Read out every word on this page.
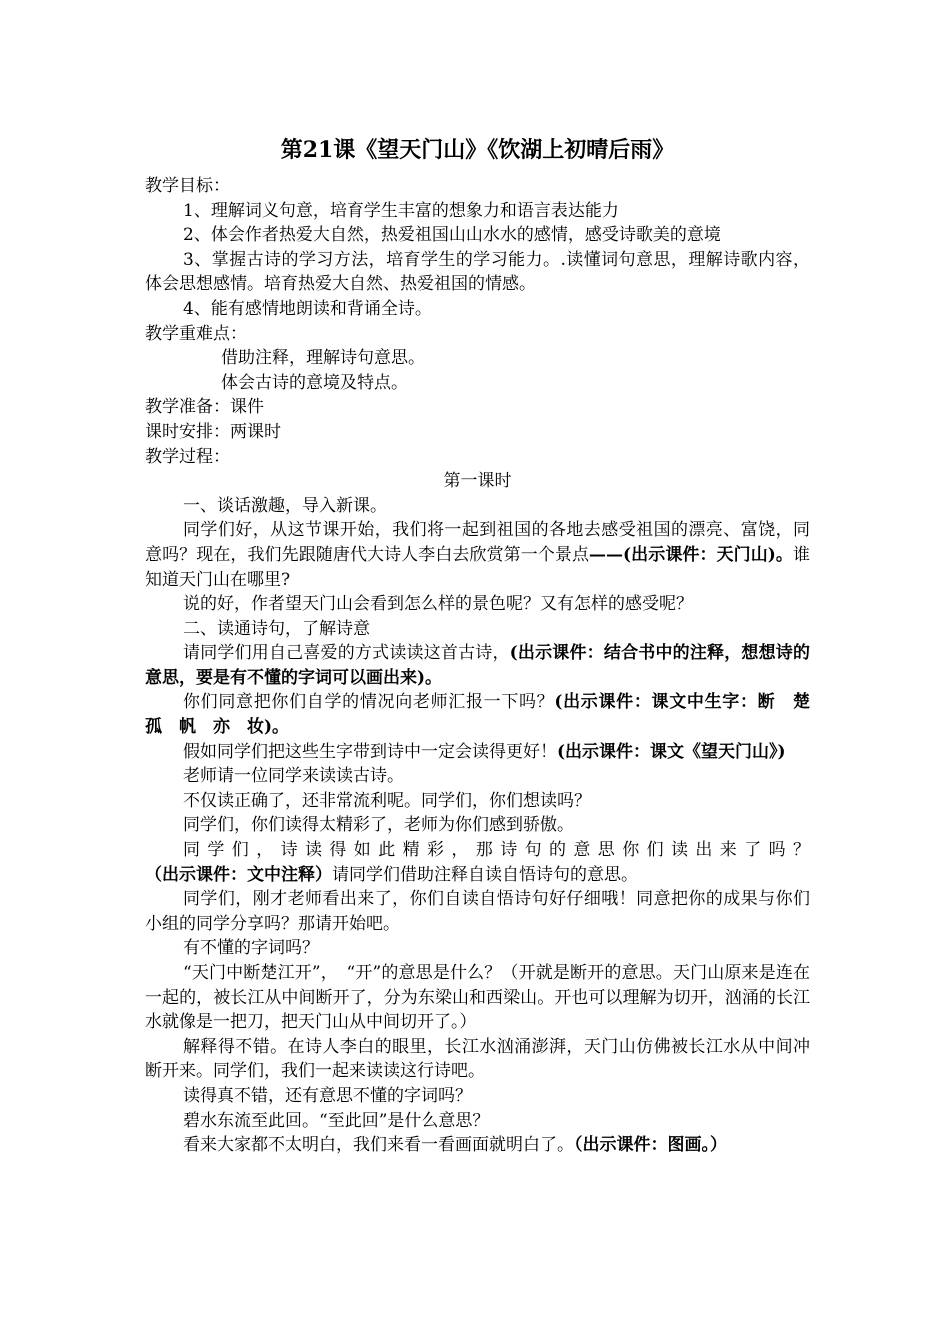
第21课《望天门山》《饮湖上初晴后雨》

教学目标：

1、理解词义句意，培育学生丰富的想象力和语言表达能力

2、体会作者热爱大自然，热爱祖国山山水水的感情，感受诗歌美的意境

3、掌握古诗的学习方法，培育学生的学习能力。.读懂词句意思，理解诗歌内容，体会思想感情。培育热爱大自然、热爱祖国的情感。

4、能有感情地朗读和背诵全诗。

教学重难点：

借助注释，理解诗句意思。

体会古诗的意境及特点。

教学准备：课件

课时安排：两课时

教学过程：

第一课时

一、谈话激趣，导入新课。

同学们好，从这节课开始，我们将一起到祖国的各地去感受祖国的漂亮、富饶，同意吗？现在，我们先跟随唐代大诗人李白去欣赏第一个景点——(出示课件：天门山)。谁知道天门山在哪里?

说的好，作者望天门山会看到怎么样的景色呢？又有怎样的感受呢？

二、读通诗句，了解诗意

请同学们用自己喜爱的方式读读这首古诗，(出示课件：结合书中的注释，想想诗的意思，要是有不懂的字词可以画出来)。

你们同意把你们自学的情况向老师汇报一下吗？(出示课件：课文中生字：断　楚　孤　帆　亦　妆)。

假如同学们把这些生字带到诗中一定会读得更好！(出示课件：课文《望天门山》)

老师请一位同学来读读古诗。

不仅读正确了，还非常流利呢。同学们，你们想读吗？

同学们，你们读得太精彩了，老师为你们感到骄傲。

同学们，诗读得如此精彩，那诗句的意思你们读出来了吗？（出示课件：文中注释）请同学们借助注释自读自悟诗句的意思。

同学们，刚才老师看出来了，你们自读自悟诗句好仔细哦！同意把你的成果与你们小组的同学分享吗？那请开始吧。

有不懂的字词吗？

“天门中断楚江开”，　“开”的意思是什么？（开就是断开的意思。天门山原来是连在一起的，被长江从中间断开了，分为东梁山和西梁山。开也可以理解为切开，汹涌的长江水就像是一把刀，把天门山从中间切开了。）

解释得不错。在诗人李白的眼里，长江水汹涌澎湃，天门山仿佛被长江水从中间冲断开来。同学们，我们一起来读读这行诗吧。

读得真不错，还有意思不懂的字词吗？

碧水东流至此回。“至此回”是什么意思？

看来大家都不太明白，我们来看一看画面就明白了。（出示课件：图画。）
